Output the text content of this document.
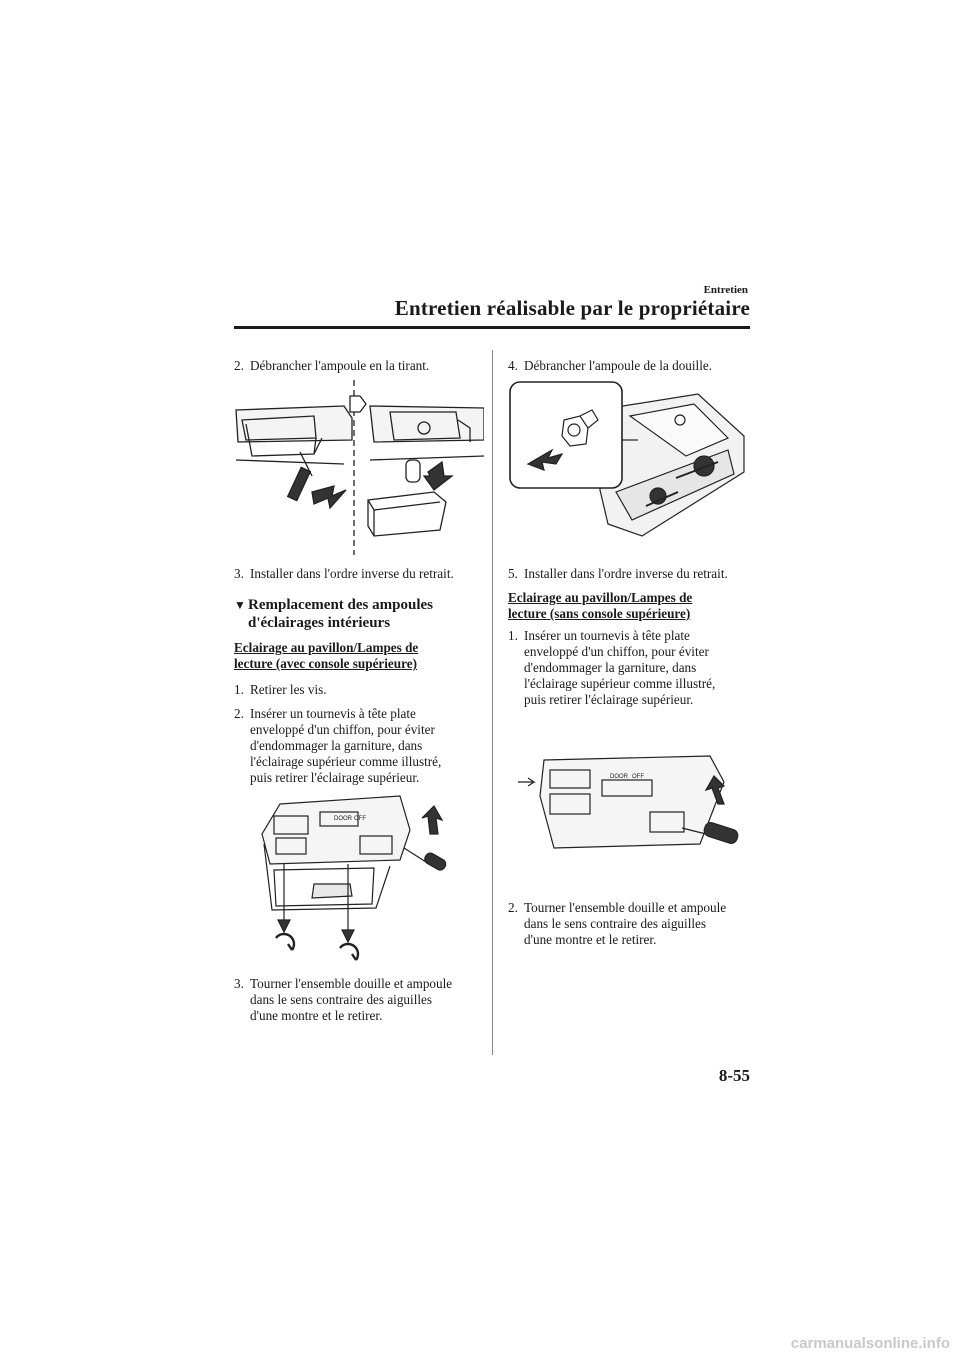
Entretien
Entretien réalisable par le propriétaire
2. Débrancher l'ampoule en la tirant.
3. Installer dans l'ordre inverse du retrait.
▼ Remplacement des ampoules
d'éclairages intérieurs
Eclairage au pavillon/Lampes de
lecture (avec console supérieure)
1. Retirer les vis.
2. Insérer un tournevis à tête plate
enveloppé d'un chiffon, pour éviter
d'endommager la garniture, dans
l'éclairage supérieur comme illustré,
puis retirer l'éclairage supérieur.
DOOR OFF
3. Tourner l'ensemble douille et ampoule
dans le sens contraire des aiguilles
d'une montre et le retirer.
4. Débrancher l'ampoule de la douille.
5. Installer dans l'ordre inverse du retrait.
Eclairage au pavillon/Lampes de
lecture (sans console supérieure)
1. Insérer un tournevis à tête plate
enveloppé d'un chiffon, pour éviter
d'endommager la garniture, dans
l'éclairage supérieur comme illustré,
puis retirer l'éclairage supérieur.
DOOR OFF
2. Tourner l'ensemble douille et ampoule
dans le sens contraire des aiguilles
d'une montre et le retirer.
8-55
carmanualsonline.info
